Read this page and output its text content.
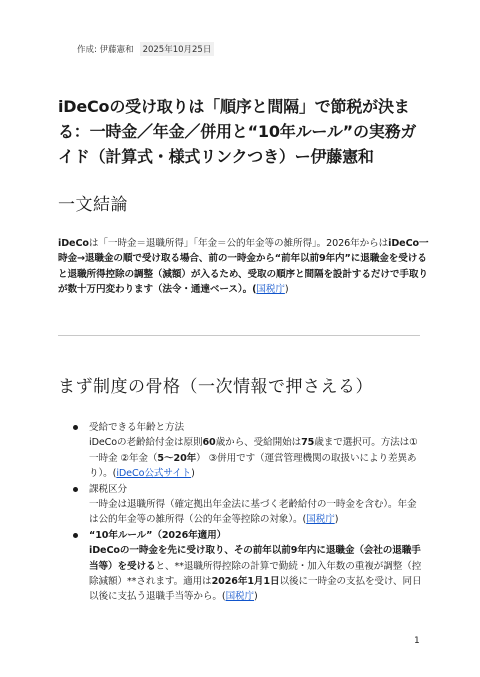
作成: 伊藤憲和	2025年10月25日
iDeCoの受け取りは「順序と間隔」で節税が決まる：一時金／年金／併用と“10年ルール”の実務ガイド（計算式・様式リンクつき）ー伊藤憲和
一文結論

iDeCoは「一時金＝退職所得」「年金＝公的年金等の雑所得」。2026年からはiDeCo一時金→退職金の順で受け取る場合、前の一時金から“前年以前9年内”に退職金を受けると退職所得控除の調整（減額）が入るため、受取の順序と間隔を設計するだけで手取りが数十万円変わります（法令・通達ベース）。(国税庁)

まず制度の骨格（一次情報で押さえる）
受給できる年齢と方法
iDeCoの老齢給付金は原則60歳から、受給開始は75歳まで選択可。方法は①一時金 ②年金（5〜20年） ③併用です（運営管理機関の取扱いにより差異あり）。(iDeCo公式サイト)
課税区分
一時金は退職所得（確定拠出年金法に基づく老齢給付の一時金を含む）。年金は公的年金等の雑所得（公的年金等控除の対象）。(国税庁)
“10年ルール”（2026年適用）
iDeCoの一時金を先に受け取り、その前年以前9年内に退職金（会社の退職手当等）を受けると、**退職所得控除の計算で勤続・加入年数の重複が調整（控除減額）**されます。適用は2026年1月1日以後に一時金の支払を受け、同日以後に支払う退職手当等から。(国税庁)
1
